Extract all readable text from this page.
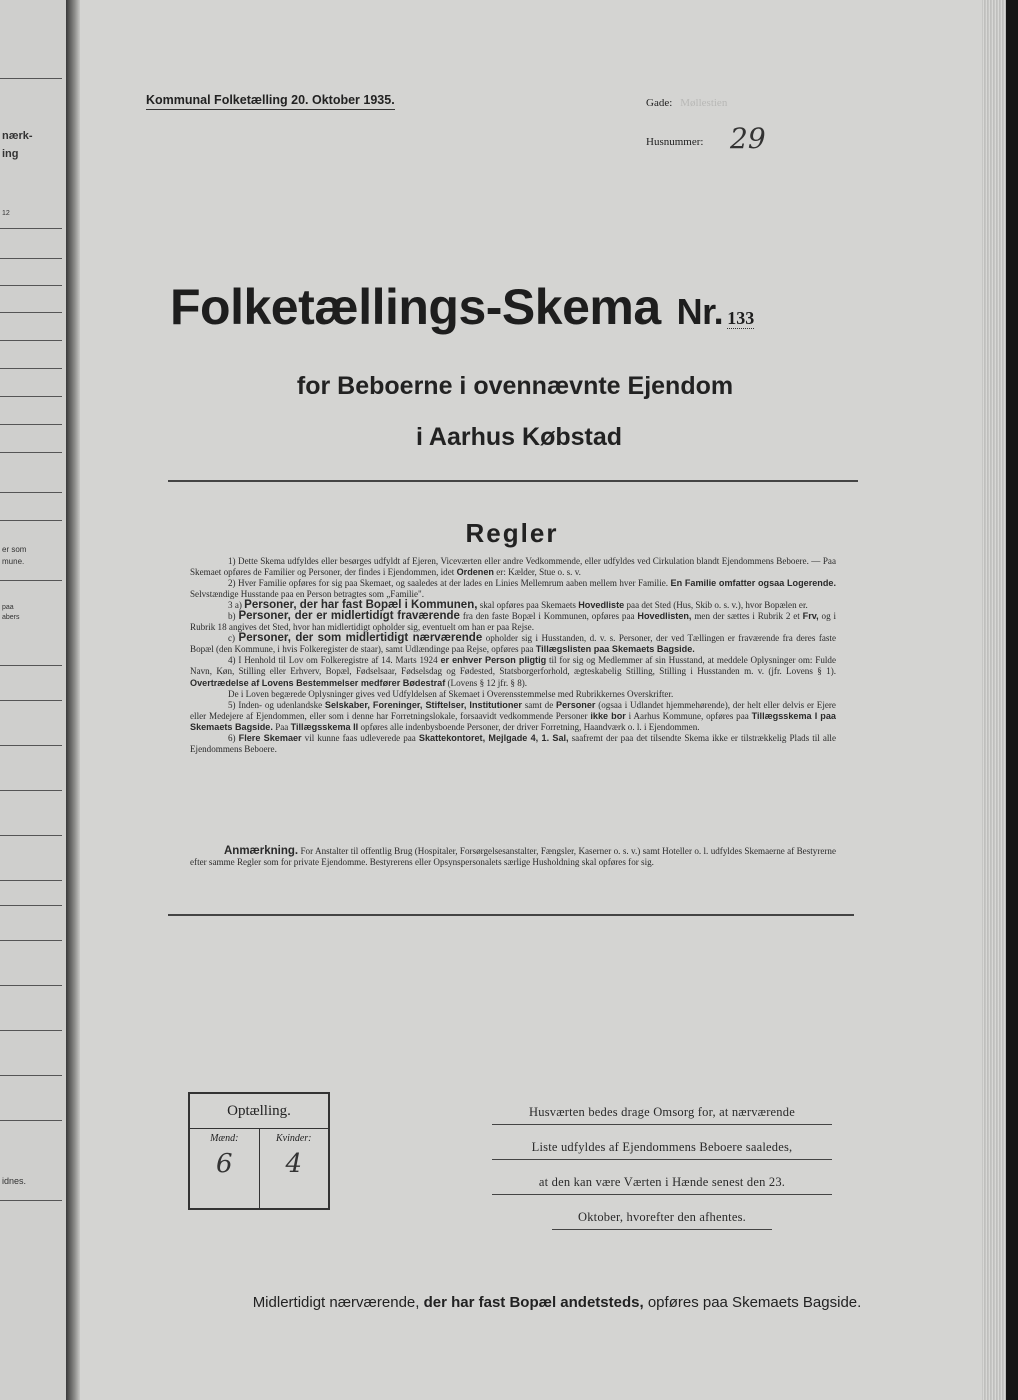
nærk-
ing
12
er som
mune.
paa
abers
idnes.
Kommunal Folketælling 20. Oktober 1935.	Gade: Møllestien
Husnummer: 29
Folketællings-Skema Nr. 133
for Beboerne i ovennævnte Ejendom
i Aarhus Købstad
Regler

1) Dette Skema udfyldes eller besørges udfyldt af Ejeren, Viceværten eller andre Vedkommende, eller udfyldes ved Cirkulation blandt Ejendommens Beboere. — Paa Skemaet opføres de Familier og Personer, der findes i Ejendommen, idet Ordenen er: Kælder, Stue o. s. v.

2) Hver Familie opføres for sig paa Skemaet, og saaledes at der lades en Linies Mellemrum aaben mellem hver Familie. En Familie omfatter ogsaa Logerende. Selvstændige Husstande paa en Person betragtes som „Familie".

3 a) Personer, der har fast Bopæl i Kommunen, skal opføres paa Skemaets Hovedliste paa det Sted (Hus, Skib o. s. v.), hvor Bopælen er.

b) Personer, der er midlertidigt fraværende fra den faste Bopæl i Kommunen, opføres paa Hovedlisten, men der sættes i Rubrik 2 et Frv, og i Rubrik 18 angives det Sted, hvor han midlertidigt opholder sig, eventuelt om han er paa Rejse.

c) Personer, der som midlertidigt nærværende opholder sig i Husstanden, d. v. s. Personer, der ved Tællingen er fraværende fra deres faste Bopæl (den Kommune, i hvis Folkeregister de staar), samt Udlændinge paa Rejse, opføres paa Tillægslisten paa Skemaets Bagside.

4) I Henhold til Lov om Folkeregistre af 14. Marts 1924 er enhver Person pligtig til for sig og Medlemmer af sin Husstand, at meddele Oplysninger om: Fulde Navn, Køn, Stilling eller Erhverv, Bopæl, Fødselsaar, Fødselsdag og Fødested, Statsborgerforhold, ægteskabelig Stilling, Stilling i Husstanden m. v. (jfr. Lovens § 1). Overtrædelse af Lovens Bestemmelser medfører Bødestraf (Lovens § 12 jfr. § 8).

De i Loven begærede Oplysninger gives ved Udfyldelsen af Skemaet i Overensstemmelse med Rubrikkernes Overskrifter.

5) Inden- og udenlandske Selskaber, Foreninger, Stiftelser, Institutioner samt de Personer (ogsaa i Udlandet hjemmehørende), der helt eller delvis er Ejere eller Medejere af Ejendommen, eller som i denne har Forretningslokale, forsaavidt vedkommende Personer ikke bor i Aarhus Kommune, opføres paa Tillægsskema I paa Skemaets Bagside. Paa Tillægsskema II opføres alle indenbysboende Personer, der driver Forretning, Haandværk o. l. i Ejendommen.

6) Flere Skemaer vil kunne faas udleverede paa Skattekontoret, Mejlgade 4, 1. Sal, saafremt der paa det tilsendte Skema ikke er tilstrækkelig Plads til alle Ejendommens Beboere.

Anmærkning. For Anstalter til offentlig Brug (Hospitaler, Forsørgelsesanstalter, Fængsler, Kaserner o. s. v.) samt Hoteller o. l. udfyldes Skemaerne af Bestyrerne efter samme Regler som for private Ejendomme. Bestyrerens eller Opsynspersonalets særlige Husholdning skal opføres for sig.

Optælling.
Mænd:
6
Kvinder:
4
Husværten bedes drage Omsorg for, at nærværende
Liste udfyldes af Ejendommens Beboere saaledes,
at den kan være Værten i Hænde senest den 23.
Oktober, hvorefter den afhentes.
Midlertidigt nærværende, der har fast Bopæl andetsteds, opføres paa Skemaets Bagside.
